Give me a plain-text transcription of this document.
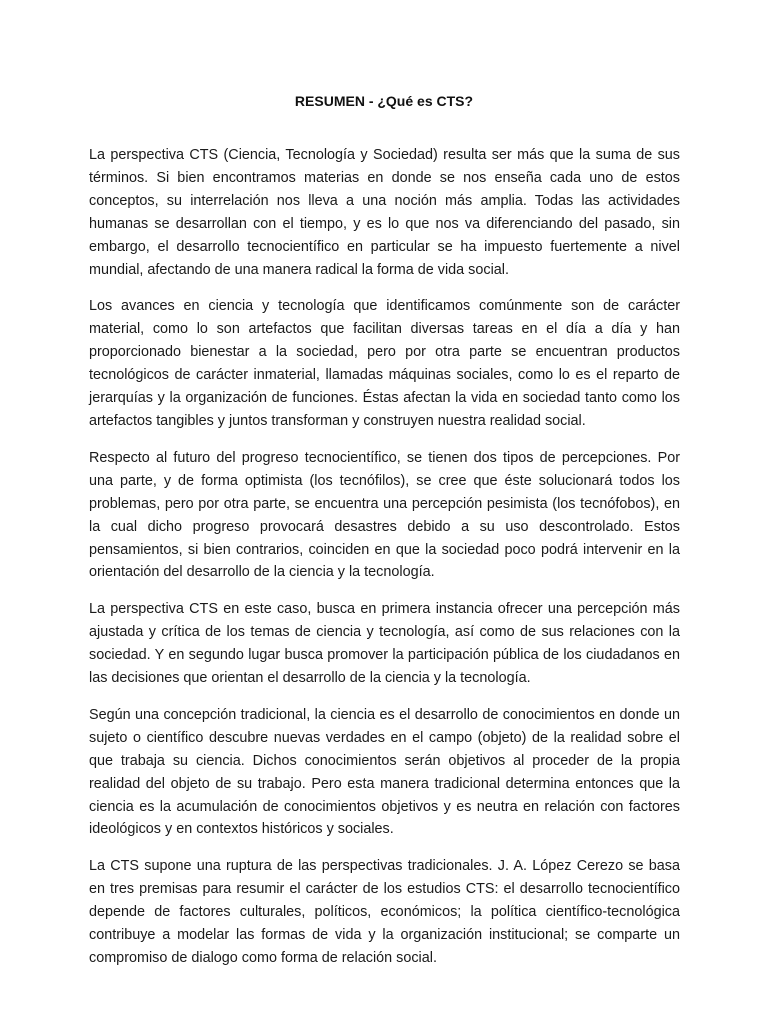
RESUMEN - ¿Qué es CTS?

La perspectiva CTS (Ciencia, Tecnología y Sociedad) resulta ser más que la suma de sus términos. Si bien encontramos materias en donde se nos enseña cada uno de estos conceptos, su interrelación nos lleva a una noción más amplia. Todas las actividades humanas se desarrollan con el tiempo, y es lo que nos va diferenciando del pasado, sin embargo, el desarrollo tecnocientífico en particular se ha impuesto fuertemente a nivel mundial, afectando de una manera radical la forma de vida social.

Los avances en ciencia y tecnología que identificamos comúnmente son de carácter material, como lo son artefactos que facilitan diversas tareas en el día a día y han proporcionado bienestar a la sociedad, pero por otra parte se encuentran productos tecnológicos de carácter inmaterial, llamadas máquinas sociales, como lo es el reparto de jerarquías y la organización de funciones. Éstas afectan la vida en sociedad tanto como los artefactos tangibles y juntos transforman y construyen nuestra realidad social.

Respecto al futuro del progreso tecnocientífico, se tienen dos tipos de percepciones. Por una parte, y de forma optimista (los tecnófilos), se cree que éste solucionará todos los problemas, pero por otra parte, se encuentra una percepción pesimista (los tecnófobos), en la cual dicho progreso provocará desastres debido a su uso descontrolado. Estos pensamientos, si bien contrarios, coinciden en que la sociedad poco podrá intervenir en la orientación del desarrollo de la ciencia y la tecnología.

La perspectiva CTS en este caso, busca en primera instancia ofrecer una percepción más ajustada y crítica de los temas de ciencia y tecnología, así como de sus relaciones con la sociedad. Y en segundo lugar busca promover la participación pública de los ciudadanos en las decisiones que orientan el desarrollo de la ciencia y la tecnología.

Según una concepción tradicional, la ciencia es el desarrollo de conocimientos en donde un sujeto o científico descubre nuevas verdades en el campo (objeto) de la realidad sobre el que trabaja su ciencia. Dichos conocimientos serán objetivos al proceder de la propia realidad del objeto de su trabajo. Pero esta manera tradicional determina entonces que la ciencia es la acumulación de conocimientos objetivos y es neutra en relación con factores ideológicos y en contextos históricos y sociales.

La CTS supone una ruptura de las perspectivas tradicionales. J. A. López Cerezo se basa en tres premisas para resumir el carácter de los estudios CTS: el desarrollo tecnocientífico depende de factores culturales, políticos, económicos; la política científico-tecnológica contribuye a modelar las formas de vida y la organización institucional; se comparte un compromiso de dialogo como forma de relación social.
